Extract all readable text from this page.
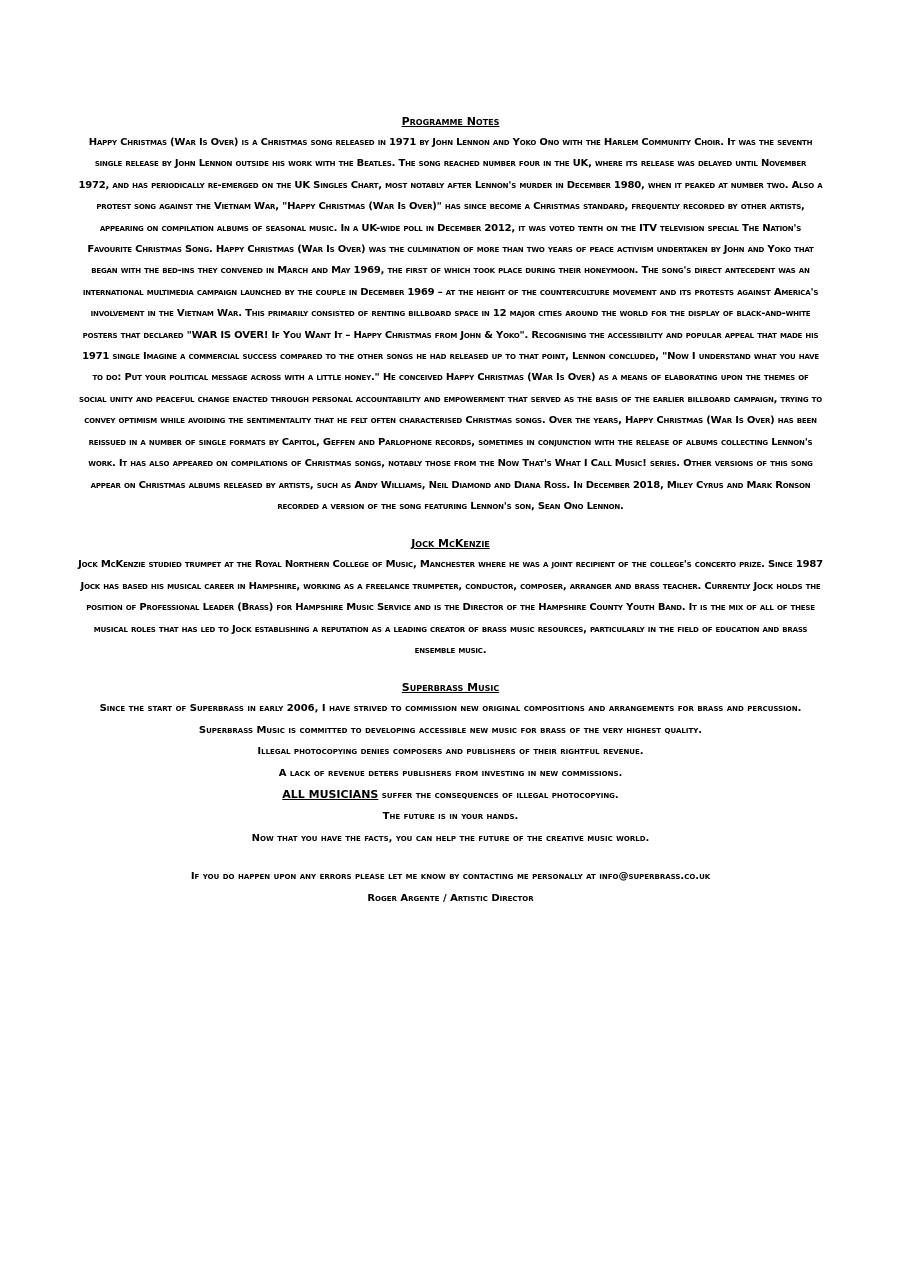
Programme Notes

Happy Christmas (War Is Over) is a Christmas song released in 1971 by John Lennon and Yoko Ono with the Harlem Community Choir. It was the seventh single release by John Lennon outside his work with the Beatles. The song reached number four in the UK, where its release was delayed until November 1972, and has periodically re-emerged on the UK Singles Chart, most notably after Lennon's murder in December 1980, when it peaked at number two. Also a protest song against the Vietnam War, "Happy Christmas (War Is Over)" has since become a Christmas standard, frequently recorded by other artists, appearing on compilation albums of seasonal music. In a UK-wide poll in December 2012, it was voted tenth on the ITV television special The Nation's Favourite Christmas Song. Happy Christmas (War Is Over) was the culmination of more than two years of peace activism undertaken by John and Yoko that began with the bed-ins they convened in March and May 1969, the first of which took place during their honeymoon. The song's direct antecedent was an international multimedia campaign launched by the couple in December 1969 – at the height of the counterculture movement and its protests against America's involvement in the Vietnam War. This primarily consisted of renting billboard space in 12 major cities around the world for the display of black-and-white posters that declared "WAR IS OVER! If You Want It – Happy Christmas from John & Yoko". Recognising the accessibility and popular appeal that made his 1971 single Imagine a commercial success compared to the other songs he had released up to that point, Lennon concluded, "Now I understand what you have to do: Put your political message across with a little honey." He conceived Happy Christmas (War Is Over) as a means of elaborating upon the themes of social unity and peaceful change enacted through personal accountability and empowerment that served as the basis of the earlier billboard campaign, trying to convey optimism while avoiding the sentimentality that he felt often characterised Christmas songs. Over the years, Happy Christmas (War Is Over) has been reissued in a number of single formats by Capitol, Geffen and Parlophone records, sometimes in conjunction with the release of albums collecting Lennon's work. It has also appeared on compilations of Christmas songs, notably those from the Now That's What I Call Music! series. Other versions of this song appear on Christmas albums released by artists, such as Andy Williams, Neil Diamond and Diana Ross. In December 2018, Miley Cyrus and Mark Ronson recorded a version of the song featuring Lennon's son, Sean Ono Lennon.

Jock McKenzie

Jock McKenzie studied trumpet at the Royal Northern College of Music, Manchester where he was a joint recipient of the college's concerto prize. Since 1987 Jock has based his musical career in Hampshire, working as a freelance trumpeter, conductor, composer, arranger and brass teacher. Currently Jock holds the position of Professional Leader (Brass) for Hampshire Music Service and is the Director of the Hampshire County Youth Band. It is the mix of all of these musical roles that has led to Jock establishing a reputation as a leading creator of brass music resources, particularly in the field of education and brass ensemble music.

Superbrass Music

Since the start of Superbrass in early 2006, I have strived to commission new original compositions and arrangements for brass and percussion.

Superbrass Music is committed to developing accessible new music for brass of the very highest quality.

Illegal photocopying denies composers and publishers of their rightful revenue.

A lack of revenue deters publishers from investing in new commissions.

ALL MUSICIANS suffer the consequences of illegal photocopying.

The future is in your hands.

Now that you have the facts, you can help the future of the creative music world.

If you do happen upon any errors please let me know by contacting me personally at info@superbrass.co.uk

Roger Argente / Artistic Director
